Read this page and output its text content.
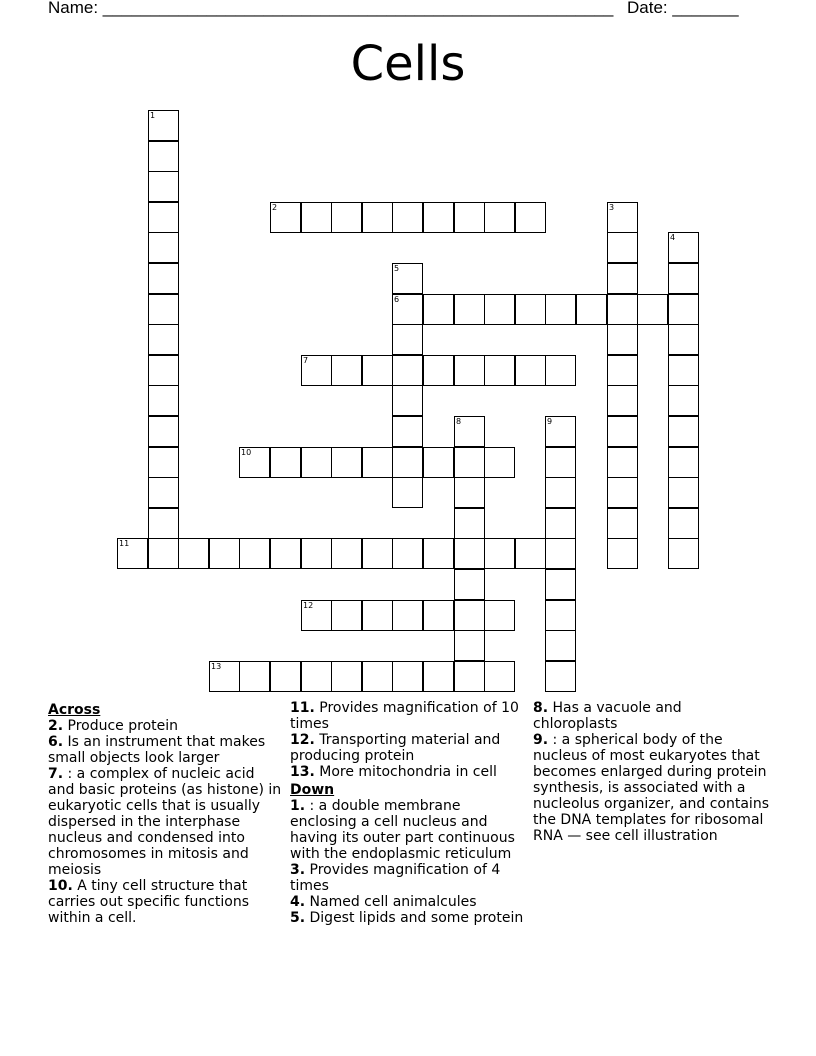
Name: ______________________________________________________ Date: _______
Cells
1
2	3
4
5
6
7
8	9
10
11
12
13
Across

2. Produce protein

6. Is an instrument that makes small objects look larger

7. : a complex of nucleic acid and basic proteins (as histone) in eukaryotic cells that is usually dispersed in the interphase nucleus and condensed into chromosomes in mitosis and meiosis

10. A tiny cell structure that carries out specific functions within a cell.

11. Provides magnification of 10 times

12. Transporting material and producing protein

13. More mitochondria in cell

Down

1. : a double membrane enclosing a cell nucleus and having its outer part continuous with the endoplasmic reticulum

3. Provides magnification of 4 times

4. Named cell animalcules

5. Digest lipids and some protein

8. Has a vacuole and chloroplasts

9. : a spherical body of the nucleus of most eukaryotes that becomes enlarged during protein synthesis, is associated with a nucleolus organizer, and contains the DNA templates for ribosomal RNA — see cell illustration
